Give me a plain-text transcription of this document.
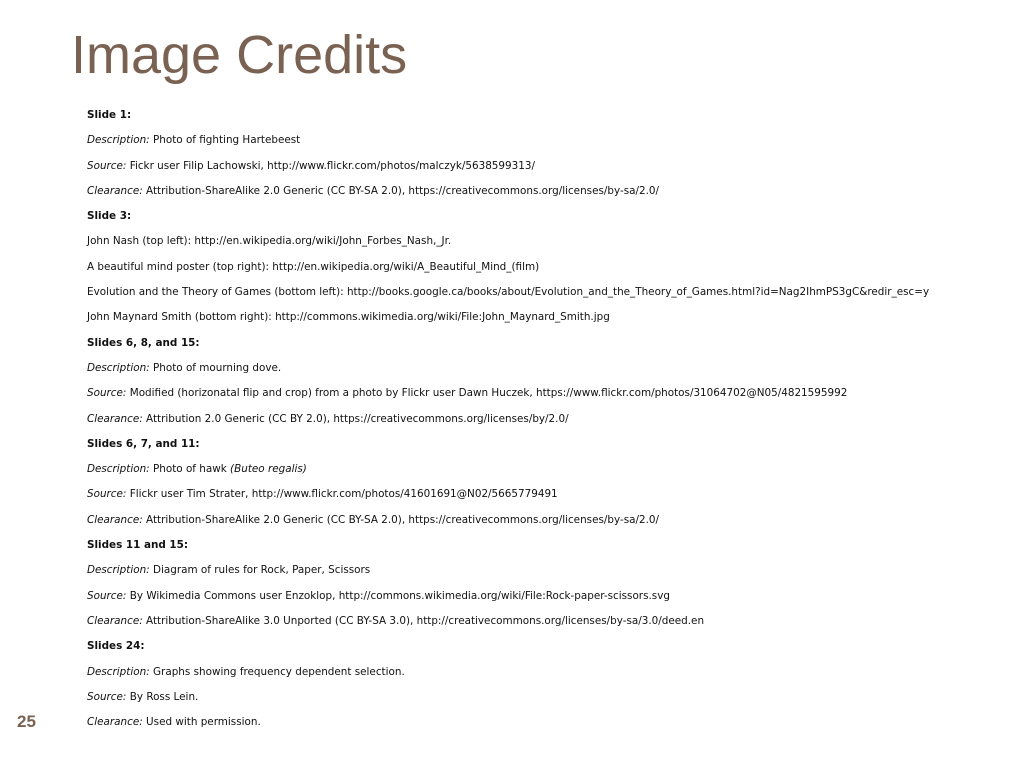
Image Credits
Slide 1:
Description: Photo of fighting Hartebeest
Source: Fickr user Filip Lachowski, http://www.flickr.com/photos/malczyk/5638599313/
Clearance: Attribution-ShareAlike 2.0 Generic (CC BY-SA 2.0), https://creativecommons.org/licenses/by-sa/2.0/
Slide 3:
John Nash (top left): http://en.wikipedia.org/wiki/John_Forbes_Nash,_Jr.
A beautiful mind poster (top right): http://en.wikipedia.org/wiki/A_Beautiful_Mind_(film)
Evolution and the Theory of Games (bottom left): http://books.google.ca/books/about/Evolution_and_the_Theory_of_Games.html?id=Nag2IhmPS3gC&redir_esc=y
John Maynard Smith (bottom right): http://commons.wikimedia.org/wiki/File:John_Maynard_Smith.jpg
Slides 6, 8, and 15:
Description: Photo of mourning dove.
Source: Modified (horizonatal flip and crop) from a photo by Flickr user Dawn Huczek, https://www.flickr.com/photos/31064702@N05/4821595992
Clearance: Attribution 2.0 Generic (CC BY 2.0), https://creativecommons.org/licenses/by/2.0/
Slides 6, 7, and 11:
Description: Photo of hawk (Buteo regalis)
Source: Flickr user Tim Strater, http://www.flickr.com/photos/41601691@N02/5665779491
Clearance: Attribution-ShareAlike 2.0 Generic (CC BY-SA 2.0), https://creativecommons.org/licenses/by-sa/2.0/
Slides 11 and 15:
Description: Diagram of rules for Rock, Paper, Scissors
Source: By Wikimedia Commons user Enzoklop, http://commons.wikimedia.org/wiki/File:Rock-paper-scissors.svg
Clearance: Attribution-ShareAlike 3.0 Unported (CC BY-SA 3.0), http://creativecommons.org/licenses/by-sa/3.0/deed.en
Slides 24:
Description: Graphs showing frequency dependent selection.
Source: By Ross Lein.
Clearance: Used with permission.
25
